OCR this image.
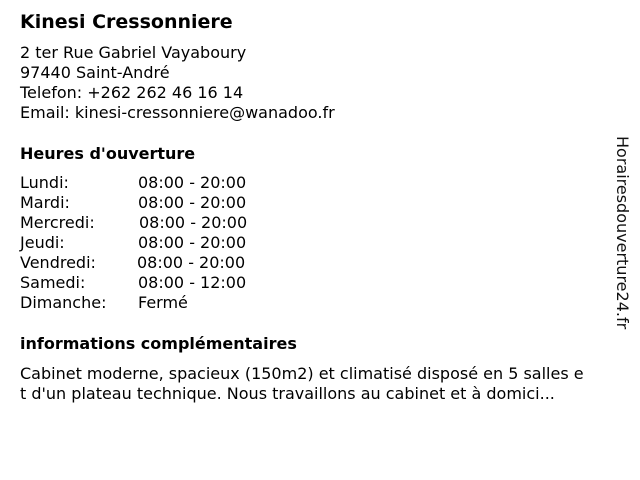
Kinesi Cressonniere
2 ter Rue Gabriel Vayaboury
97440 Saint-André
Telefon: +262 262 46 16 14
Email: kinesi-cressonniere@wanadoo.fr
Heures d'ouverture
Lundi:	08:00 - 20:00
Mardi:	08:00 - 20:00
Mercredi:	08:00 - 20:00
Jeudi:	08:00 - 20:00
Vendredi:	08:00 - 20:00
Samedi:	08:00 - 12:00
Dimanche: Fermé
informations complémentaires
Cabinet moderne, spacieux (150m2) et climatisé disposé en 5 salles e
t d'un plateau technique. Nous travaillons au cabinet et à domici...
Horairesdouverture24.fr
